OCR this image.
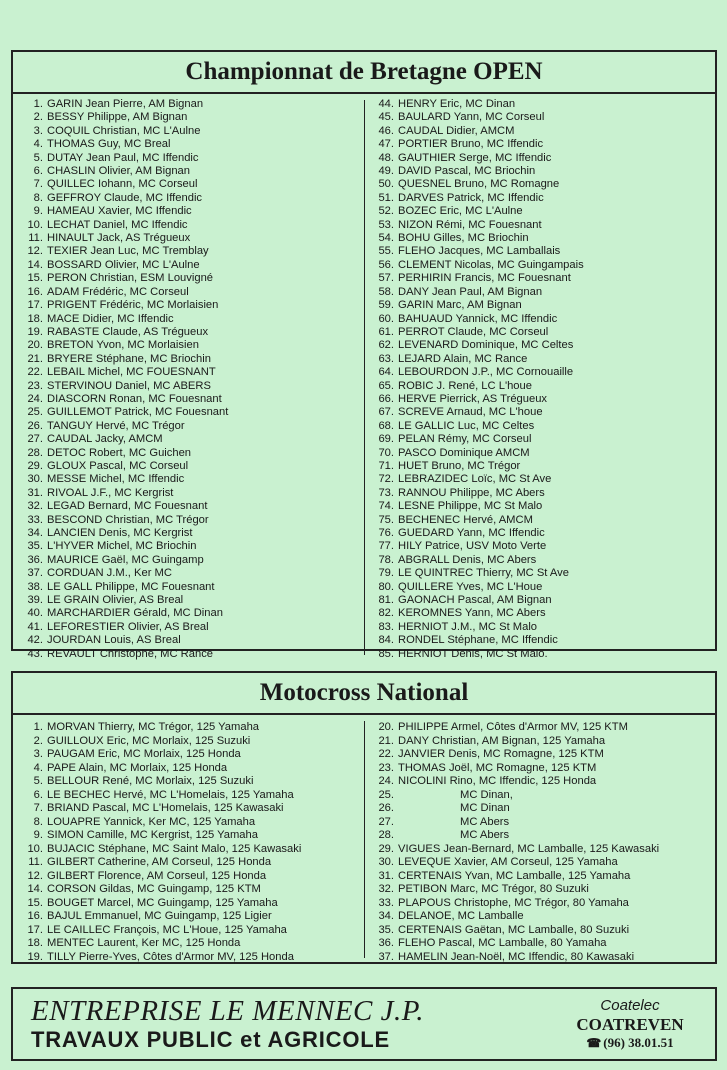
Championnat de Bretagne OPEN
1. GARIN Jean Pierre, AM Bignan
2. BESSY Philippe, AM Bignan
3. COQUIL Christian, MC L'Aulne
4. THOMAS Guy, MC Breal
5. DUTAY Jean Paul, MC Iffendic
6. CHASLIN Olivier, AM Bignan
7. QUILLEC Iohann, MC Corseul
8. GEFFROY Claude, MC Iffendic
9. HAMEAU Xavier, MC Iffendic
10. LECHAT Daniel, MC Iffendic
11. HINAULT Jack, AS Trégueux
12. TEXIER Jean Luc, MC Tremblay
14. BOSSARD Olivier, MC L'Aulne
15. PERON Christian, ESM Louvigné
16. ADAM Frédéric, MC Corseul
17. PRIGENT Frédéric, MC Morlaisien
18. MACE Didier, MC Iffendic
19. RABASTE Claude, AS Trégueux
20. BRETON Yvon, MC Morlaisien
21. BRYERE Stéphane, MC Briochin
22. LEBAIL Michel, MC FOUESNANT
23. STERVINOU Daniel, MC ABERS
24. DIASCORN Ronan, MC Fouesnant
25. GUILLEMOT Patrick, MC Fouesnant
26. TANGUY Hervé, MC Trégor
27. CAUDAL Jacky, AMCM
28. DETOC Robert, MC Guichen
29. GLOUX Pascal, MC Corseul
30. MESSE Michel, MC Iffendic
31. RIVOAL J.F., MC Kergrist
32. LEGAD Bernard, MC Fouesnant
33. BESCOND Christian, MC Trégor
34. LANCIEN Denis, MC Kergrist
35. L'HYVER Michel, MC Briochin
36. MAURICE Gaël, MC Guingamp
37. CORDUAN J.M., Ker MC
38. LE GALL Philippe, MC Fouesnant
39. LE GRAIN Olivier, AS Breal
40. MARCHARDIER Gérald, MC Dinan
41. LEFORESTIER Olivier, AS Breal
42. JOURDAN Louis, AS Breal
43. REVAULT Christophe, MC Rance
44. HENRY Eric, MC Dinan
45. BAULARD Yann, MC Corseul
46. CAUDAL Didier, AMCM
47. PORTIER Bruno, MC Iffendic
48. GAUTHIER Serge, MC Iffendic
49. DAVID Pascal, MC Briochin
50. QUESNEL Bruno, MC Romagne
51. DARVES Patrick, MC Iffendic
52. BOZEC Eric, MC L'Aulne
53. NIZON Rémi, MC Fouesnant
54. BOHU Gilles, MC Briochin
55. FLEHO Jacques, MC Lamballais
56. CLEMENT Nicolas, MC Guingampais
57. PERHIRIN Francis, MC Fouesnant
58. DANY Jean Paul, AM Bignan
59. GARIN Marc, AM Bignan
60. BAHUAUD Yannick, MC Iffendic
61. PERROT Claude, MC Corseul
62. LEVENARD Dominique, MC Celtes
63. LEJARD Alain, MC Rance
64. LEBOURDON J.P., MC Cornouaille
65. ROBIC J. René, LC L'houe
66. HERVE Pierrick, AS Trégueux
67. SCREVE Arnaud, MC L'houe
68. LE GALLIC Luc, MC Celtes
69. PELAN Rémy, MC Corseul
70. PASCO Dominique AMCM
71. HUET Bruno, MC Trégor
72. LEBRAZIDEC Loïc, MC St Ave
73. RANNOU Philippe, MC Abers
74. LESNE Philippe, MC St Malo
75. BECHENEC Hervé, AMCM
76. GUEDARD Yann, MC Iffendic
77. HILY Patrice, USV Moto Verte
78. ABGRALL Denis, MC Abers
79. LE QUINTREC Thierry, MC St Ave
80. QUILLERE Yves, MC L'Houe
81. GAONACH Pascal, AM Bignan
82. KEROMNES Yann, MC Abers
83. HERNIOT J.M., MC St Malo
84. RONDEL Stéphane, MC Iffendic
85. HERNIOT Denis, MC St Malo.
Motocross National
1. MORVAN Thierry, MC Trégor, 125 Yamaha
2. GUILLOUX Eric, MC Morlaix, 125 Suzuki
3. PAUGAM Eric, MC Morlaix, 125 Honda
4. PAPE Alain, MC Morlaix, 125 Honda
5. BELLOUR René, MC Morlaix, 125 Suzuki
6. LE BECHEC Hervé, MC L'Homelais, 125 Yamaha
7. BRIAND Pascal, MC L'Homelais, 125 Kawasaki
8. LOUAPRE Yannick, Ker MC, 125 Yamaha
9. SIMON Camille, MC Kergrist, 125 Yamaha
10. BUJACIC Stéphane, MC Saint Malo, 125 Kawasaki
11. GILBERT Catherine, AM Corseul, 125 Honda
12. GILBERT Florence, AM Corseul, 125 Honda
14. CORSON Gildas, MC Guingamp, 125 KTM
15. BOUGET Marcel, MC Guingamp, 125 Yamaha
16. BAJUL Emmanuel, MC Guingamp, 125 Ligier
17. LE CAILLEC François, MC L'Houe, 125 Yamaha
18. MENTEC Laurent, Ker MC, 125 Honda
19. TILLY Pierre-Yves, Côtes d'Armor MV, 125 Honda
20. PHILIPPE Armel, Côtes d'Armor MV, 125 KTM
21. DANY Christian, AM Bignan, 125 Yamaha
22. JANVIER Denis, MC Romagne, 125 KTM
23. THOMAS Joël, MC Romagne, 125 KTM
24. NICOLINI Rino, MC Iffendic, 125 Honda
25.	MC Dinan,
26.	MC Dinan
27.	MC Abers
28.	MC Abers
29. VIGUES Jean-Bernard, MC Lamballe, 125 Kawasaki
30. LEVEQUE Xavier, AM Corseul, 125 Yamaha
31. CERTENAIS Yvan, MC Lamballe, 125 Yamaha
32. PETIBON Marc, MC Trégor, 80 Suzuki
33. PLAPOUS Christophe, MC Trégor, 80 Yamaha
34. DELANOE, MC Lamballe
35. CERTENAIS Gaëtan, MC Lamballe, 80 Suzuki
36. FLEHO Pascal, MC Lamballe, 80 Yamaha
37. HAMELIN Jean-Noël, MC Iffendic, 80 Kawasaki
ENTREPRISE LE MENNEC J.P.
TRAVAUX PUBLIC et AGRICOLE
Coatelec
COATREVEN
☎ (96) 38.01.51
